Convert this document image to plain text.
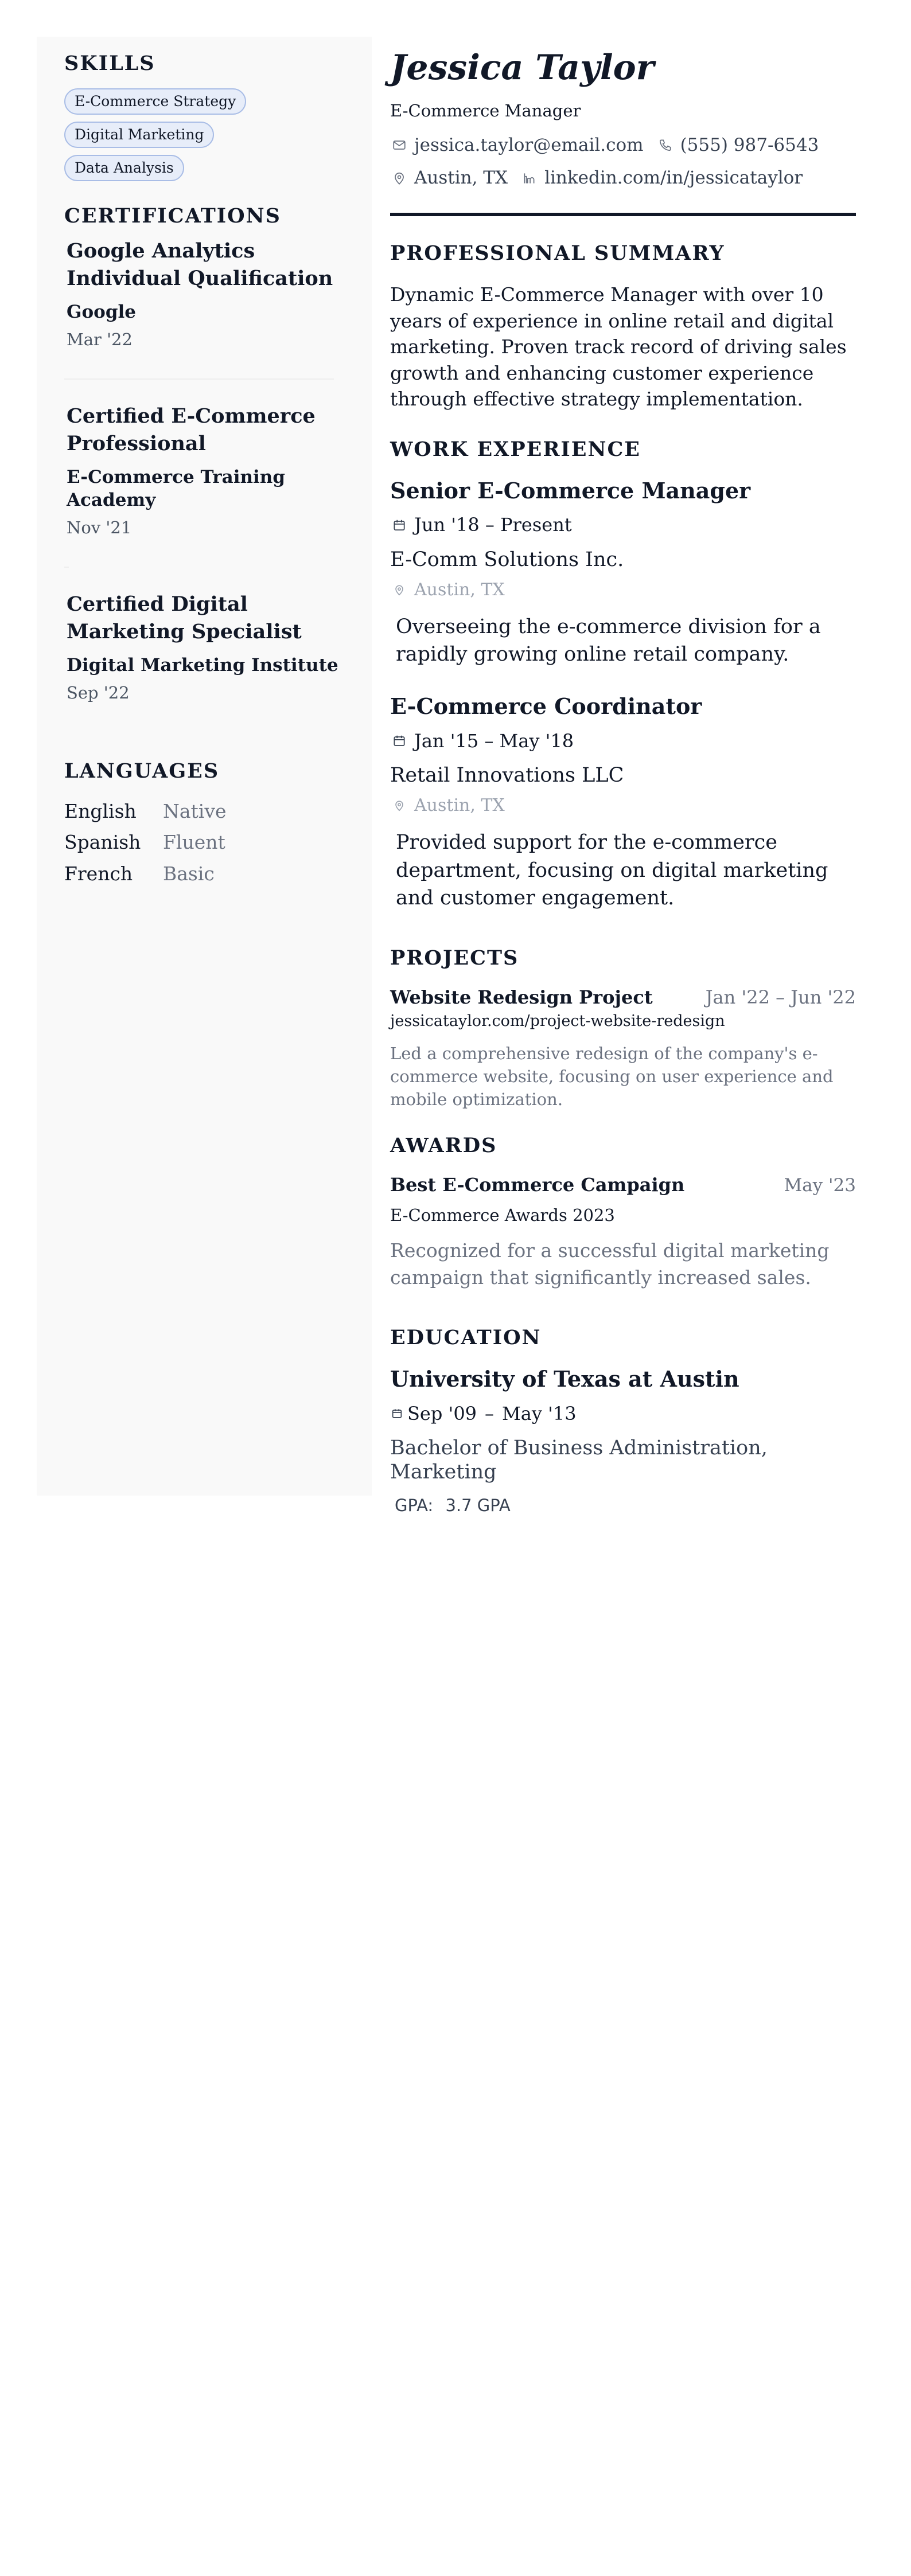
SKILLS
E-Commerce Strategy
Digital Marketing
Data Analysis
CERTIFICATIONS
Google Analytics Individual Qualification
Google
Mar '22
Certified E-Commerce Professional
E-Commerce Training Academy
Nov '21
Certified Digital Marketing Specialist
Digital Marketing Institute
Sep '22
LANGUAGES
English	Native
Spanish	Fluent
French	Basic
Jessica Taylor
E-Commerce Manager
jessica.taylor@email.com (555) 987-6543
Austin, TX linkedin.com/in/jessicataylor
PROFESSIONAL SUMMARY

Dynamic E-Commerce Manager with over 10 years of experience in online retail and digital marketing. Proven track record of driving sales growth and enhancing customer experience through effective strategy implementation.

WORK EXPERIENCE
Senior E-Commerce Manager
Jun '18 – Present
E-Comm Solutions Inc.
Austin, TX

Overseeing the e-commerce division for a rapidly growing online retail company.

E-Commerce Coordinator
Jan '15 – May '18
Retail Innovations LLC
Austin, TX

Provided support for the e-commerce department, focusing on digital marketing and customer engagement.

PROJECTS
Website Redesign Project	Jan '22 – Jun '22
jessicataylor.com/project-website-redesign

Led a comprehensive redesign of the company's e-commerce website, focusing on user experience and mobile optimization.

AWARDS
Best E-Commerce Campaign	May '23
E-Commerce Awards 2023

Recognized for a successful digital marketing campaign that significantly increased sales.

EDUCATION
University of Texas at Austin
Sep '09 – May '13
Bachelor of Business Administration, Marketing
GPA: 3.7 GPA
